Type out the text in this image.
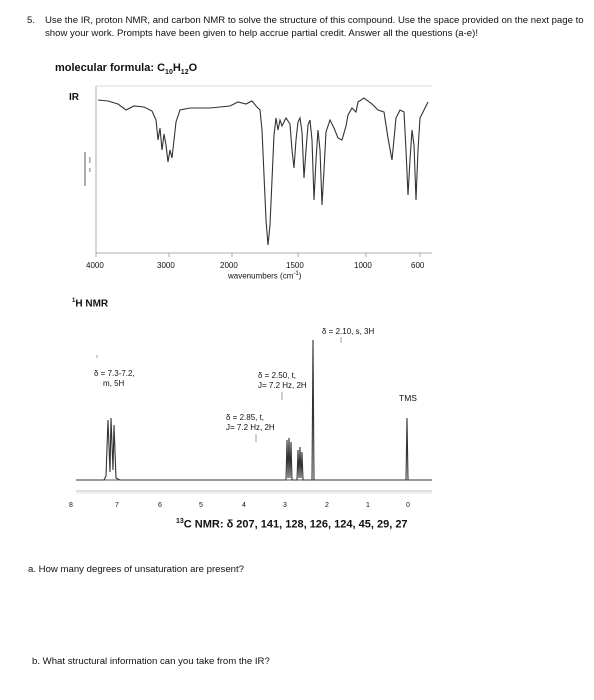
5. Use the IR, proton NMR, and carbon NMR to solve the structure of this compound. Use the space provided on the next page to show your work. Prompts have been given to help accrue partial credit. Answer all the questions (a-e)!
molecular formula: $C_{10}H_{12}O$
IR
4000	3000	2000	1500	1000	600
wavenumbers $(cm^{-1})$
$^1$H NMR
δ = 2.10, s, 3H
δ = 7.3-7.2,
m, 5H
δ = 2.50, t,
J= 7.2 Hz, 2H
TMS
δ = 2.85, t,
J= 7.2 Hz, 2H
8	7	6	5	4	3	2	1	0
$^{13}$C NMR: δ 207, 141, 128, 126, 124, 45, 29, 27
a. How many degrees of unsaturation are present?
b. What structural information can you take from the IR?
